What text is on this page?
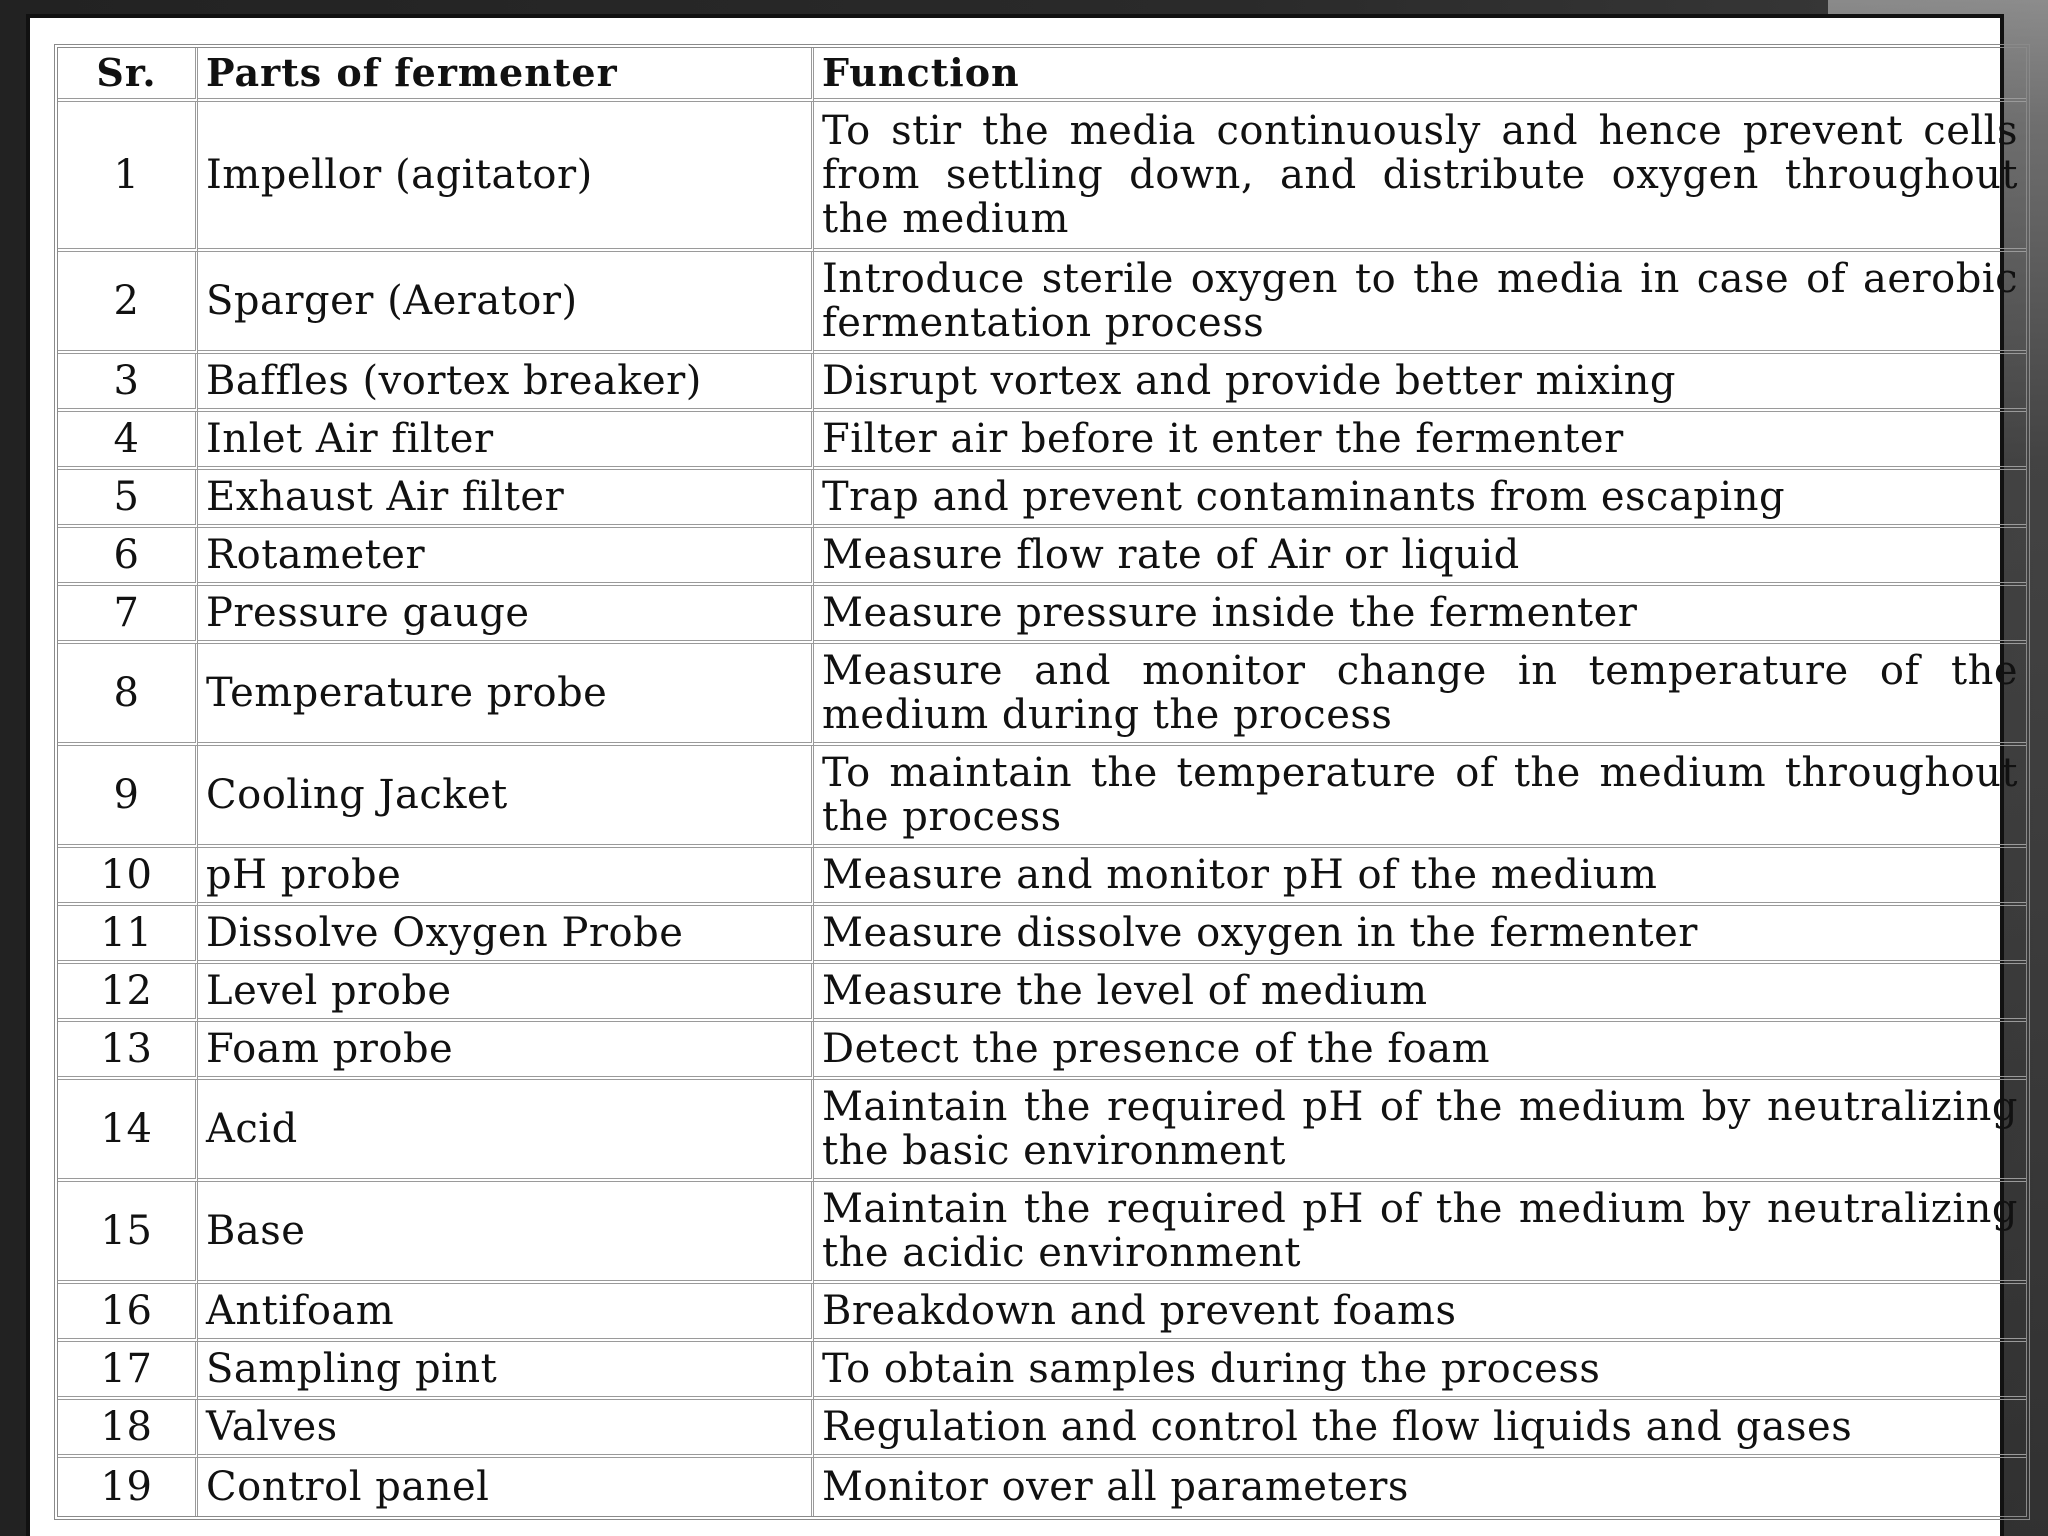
Sr.	Parts of fermenter	Function
1	Impellor (agitator)	To stir the media continuously and hence prevent cells from settling down, and distribute oxygen throughout the medium
2	Sparger (Aerator)	Introduce sterile oxygen to the media in case of aerobic fermentation process
3	Baffles (vortex breaker)	Disrupt vortex and provide better mixing
4	Inlet Air filter	Filter air before it enter the fermenter
5	Exhaust Air filter	Trap and prevent contaminants from escaping
6	Rotameter	Measure flow rate of Air or liquid
7	Pressure gauge	Measure pressure inside the fermenter
8	Temperature probe	Measure and monitor change in temperature of the medium during the process
9	Cooling Jacket	To maintain the temperature of the medium throughout the process
10	pH probe	Measure and monitor pH of the medium
11	Dissolve Oxygen Probe	Measure dissolve oxygen in the fermenter
12	Level probe	Measure the level of medium
13	Foam probe	Detect the presence of the foam
14	Acid	Maintain the required pH of the medium by neutralizing the basic environment
15	Base	Maintain the required pH of the medium by neutralizing the acidic environment
16	Antifoam	Breakdown and prevent foams
17	Sampling pint	To obtain samples during the process
18	Valves	Regulation and control the flow liquids and gases
19	Control panel	Monitor over all parameters
